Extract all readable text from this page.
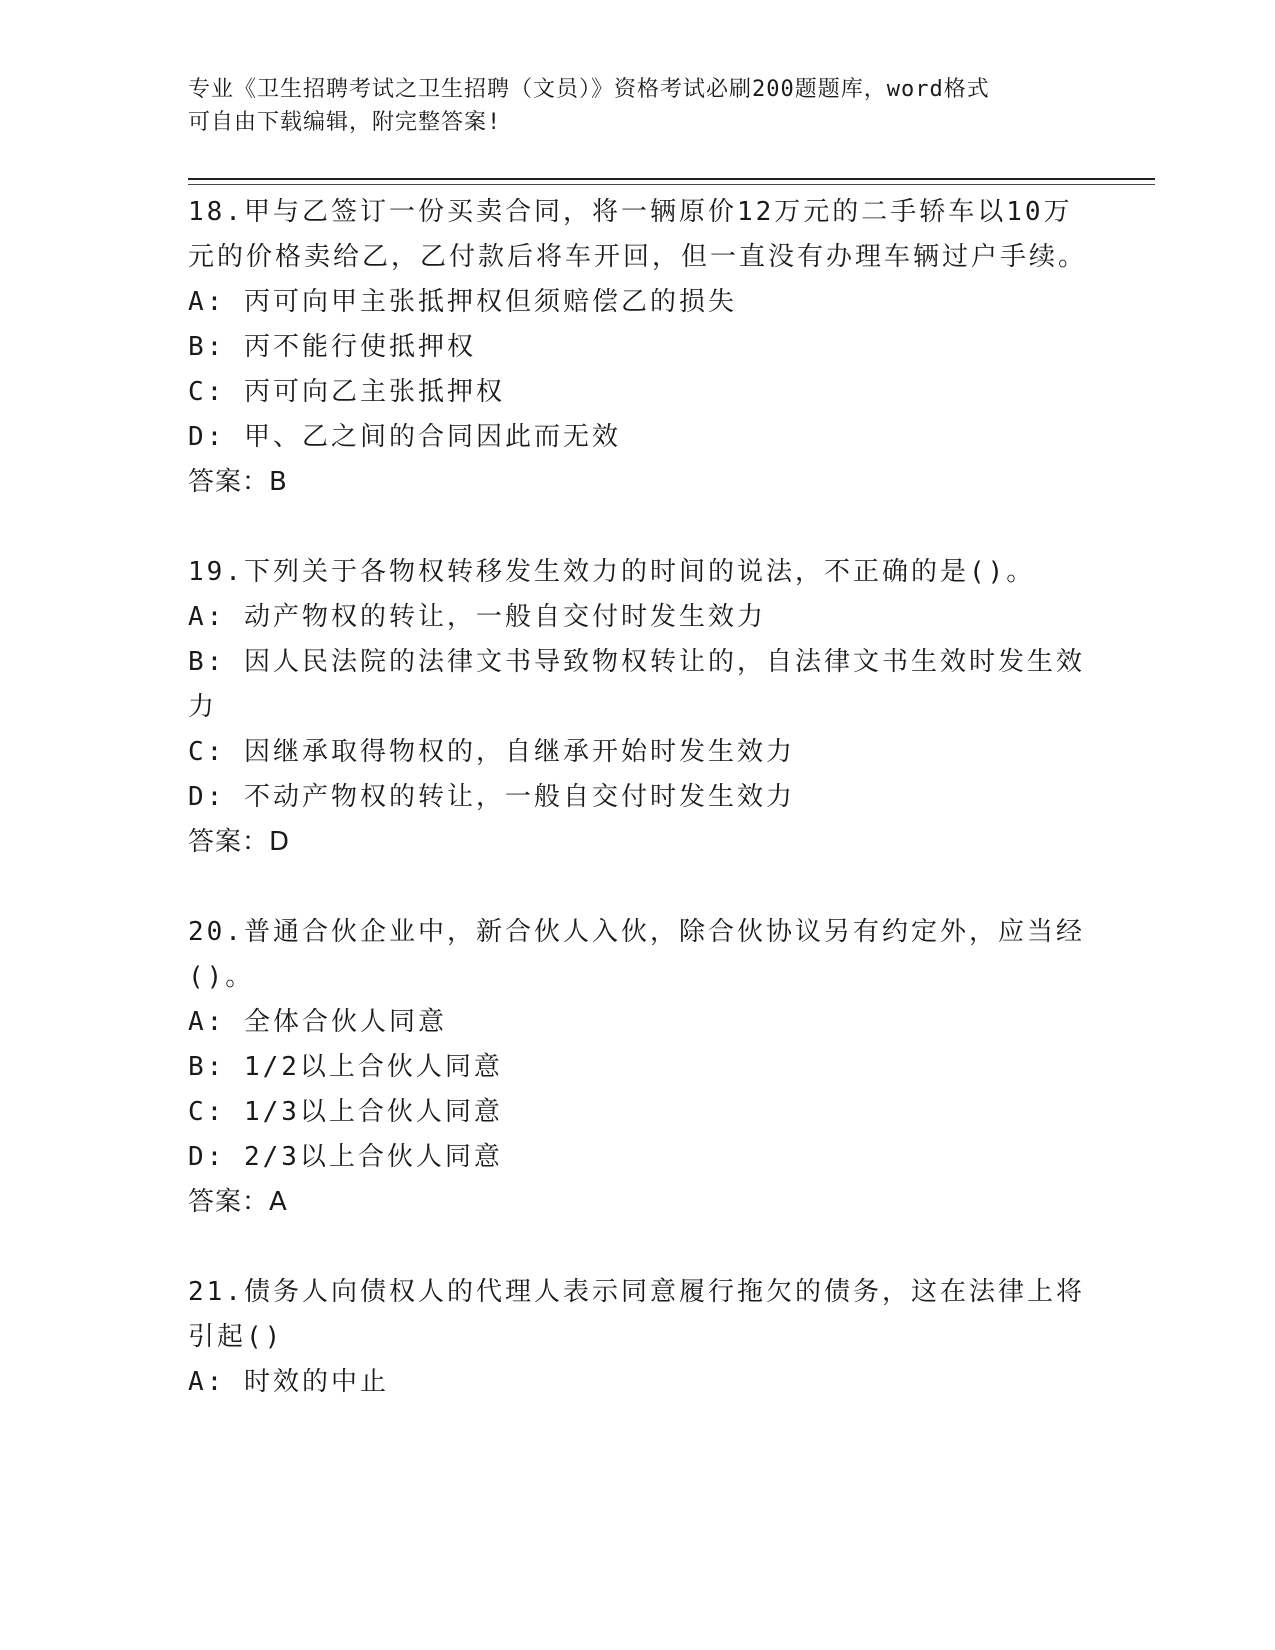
专业《卫生招聘考试之卫生招聘（文员）》资格考试必刷200题题库，word格式
可自由下载编辑，附完整答案!
18.甲与乙签订一份买卖合同，将一辆原价12万元的二手轿车以10万元的价格卖给乙，乙付款后将车开回，但一直没有办理车辆过户手续。
A: 丙可向甲主张抵押权但须赔偿乙的损失
B: 丙不能行使抵押权
C: 丙可向乙主张抵押权
D: 甲、乙之间的合同因此而无效
答案：B
19.下列关于各物权转移发生效力的时间的说法，不正确的是()。
A: 动产物权的转让，一般自交付时发生效力
B: 因人民法院的法律文书导致物权转让的，自法律文书生效时发生效力
C: 因继承取得物权的，自继承开始时发生效力
D: 不动产物权的转让，一般自交付时发生效力
答案：D
20.普通合伙企业中，新合伙人入伙，除合伙协议另有约定外，应当经()。
A: 全体合伙人同意
B: 1/2以上合伙人同意
C: 1/3以上合伙人同意
D: 2/3以上合伙人同意
答案：A
21.债务人向债权人的代理人表示同意履行拖欠的债务，这在法律上将引起()
A: 时效的中止
